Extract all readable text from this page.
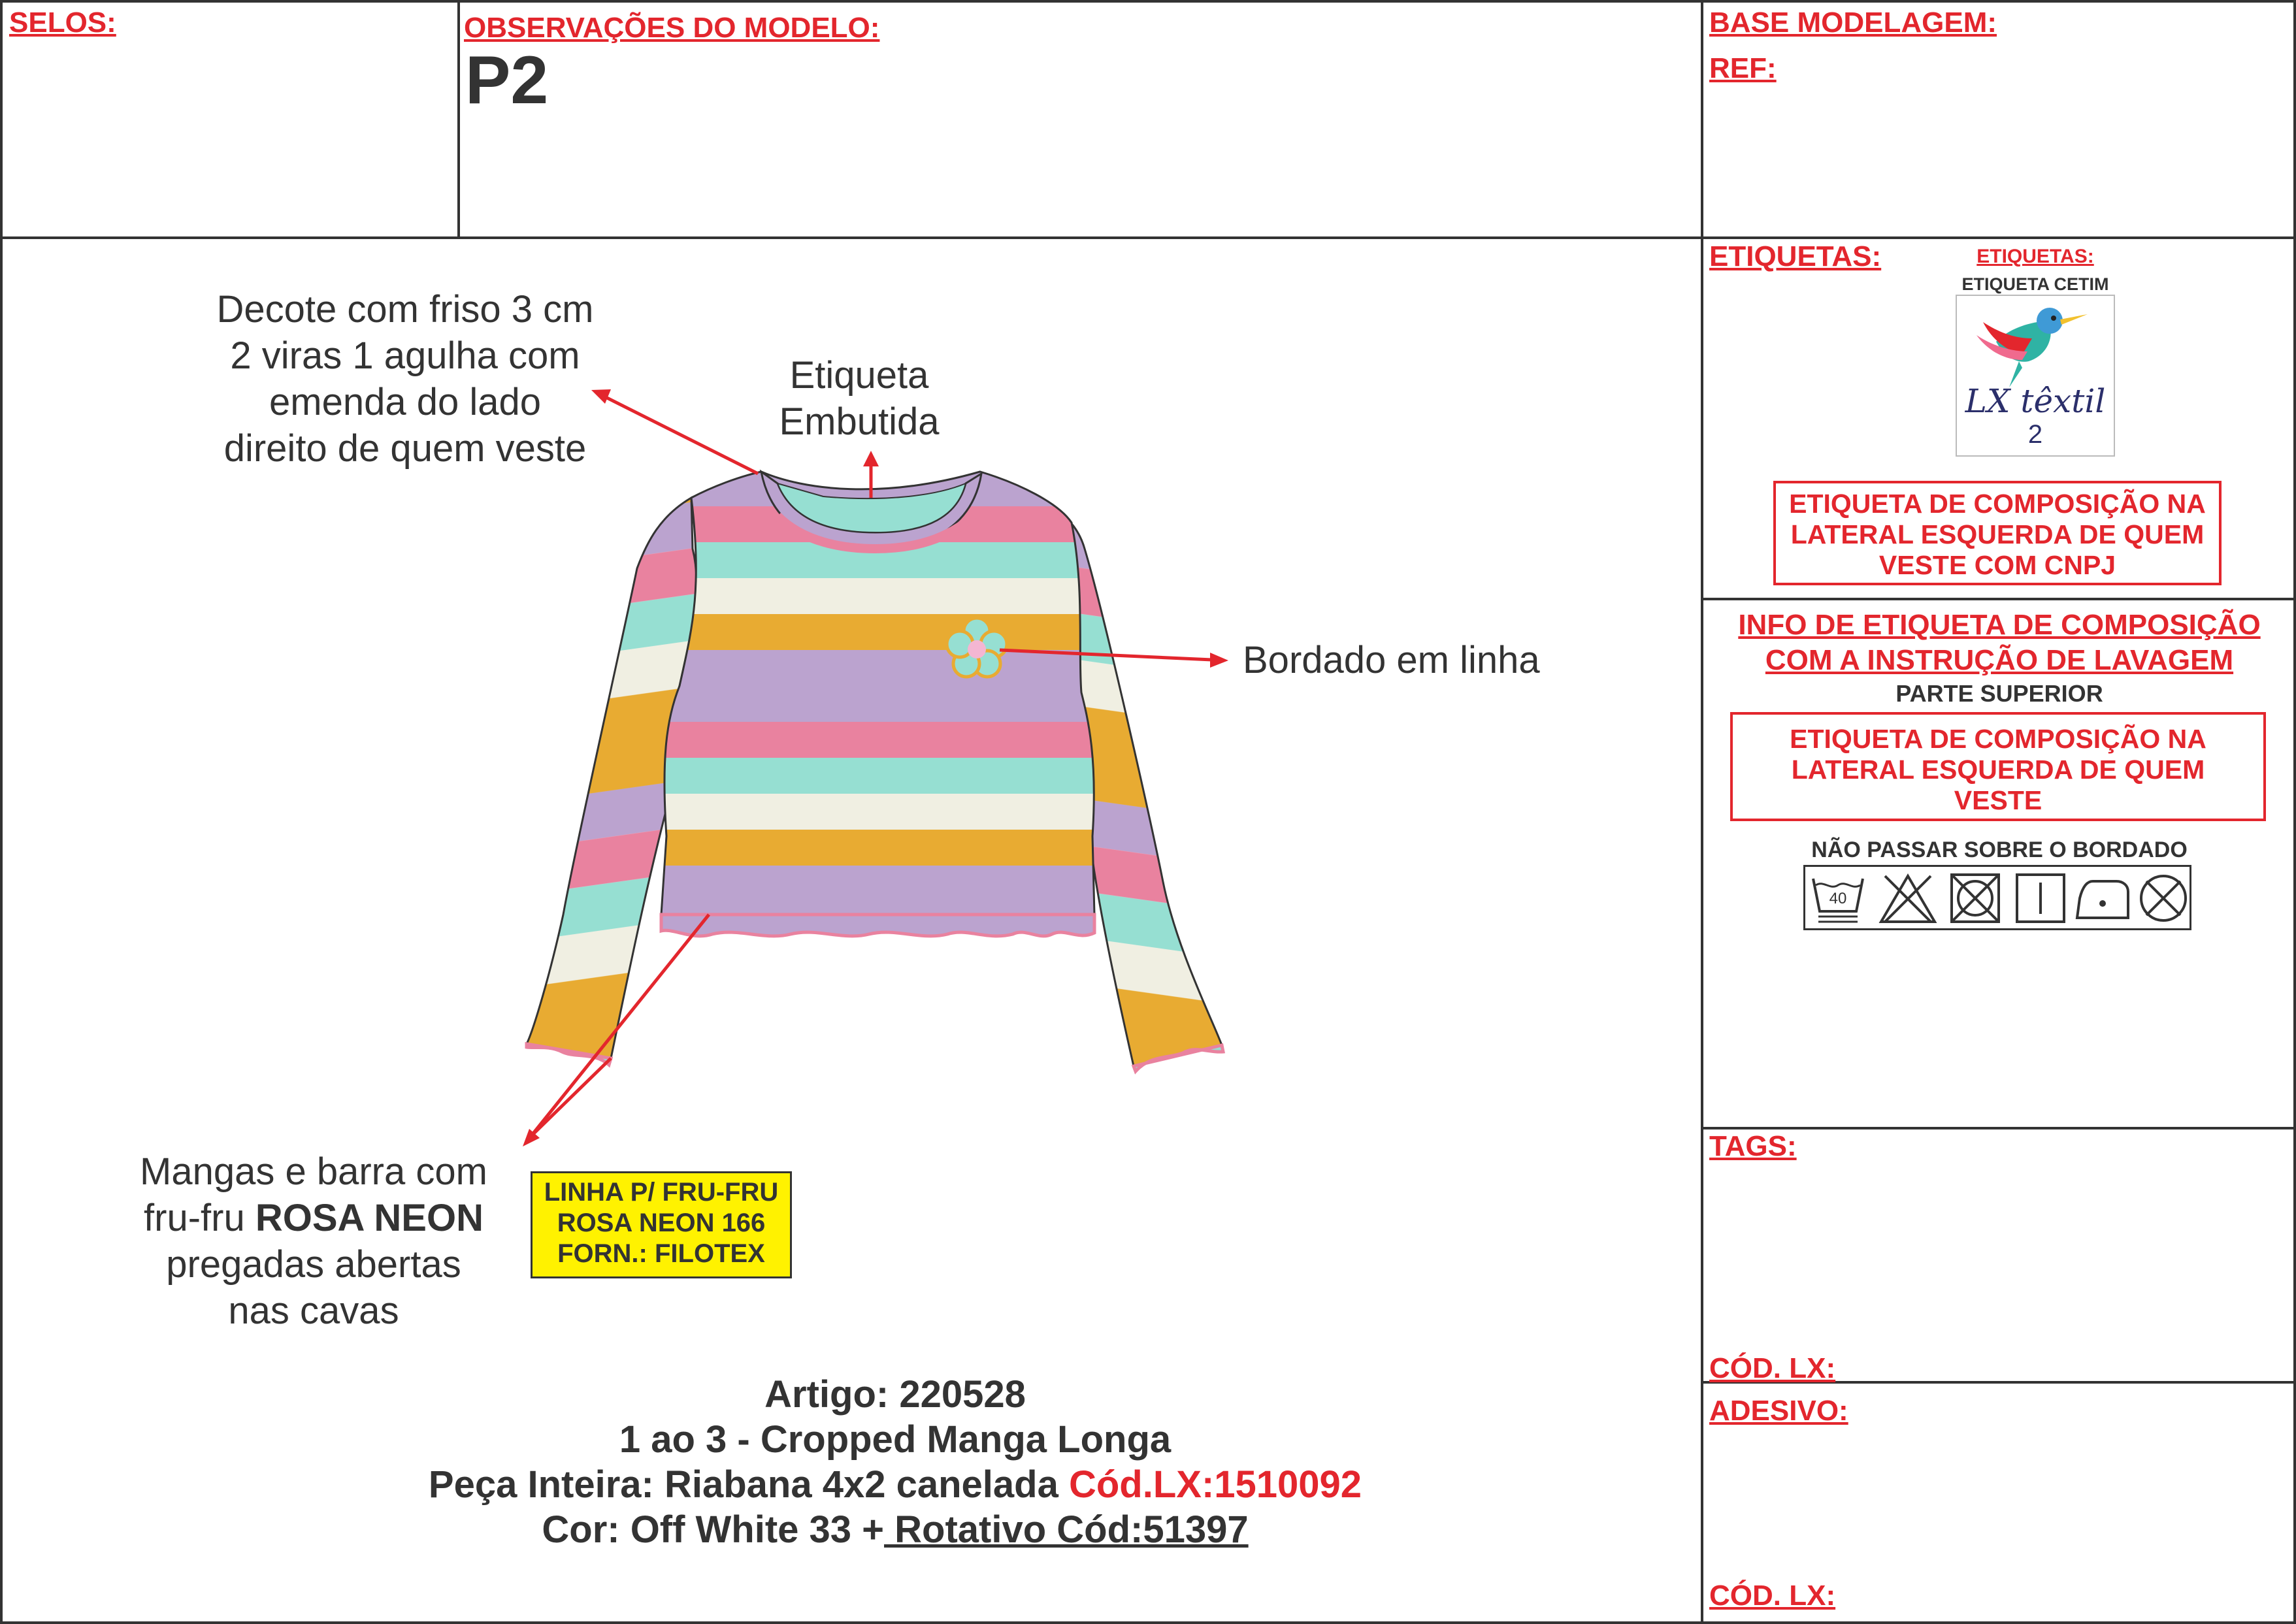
SELOS:	OBSERVAÇÕES DO MODELO:
P2
BASE MODELAGEM:
REF:
Decote com friso 3 cm
2 viras 1 agulha com
emenda do lado
direito de quem veste
Etiqueta
Embutida
Bordado em linha
Mangas e barra com
fru-fru ROSA NEON
pregadas abertas
nas cavas
LINHA P/ FRU-FRU
ROSA NEON 166
FORN.: FILOTEX
Artigo: 220528
1 ao 3 - Cropped Manga Longa
Peça Inteira: Riabana 4x2 canelada Cód.LX:1510092
Cor: Off White 33 + Rotativo Cód:51397
ETIQUETAS:	ETIQUETAS:
ETIQUETA CETIM
LX têxtil
2
ETIQUETA DE COMPOSIÇÃO NA
LATERAL ESQUERDA DE QUEM
VESTE COM CNPJ
INFO DE ETIQUETA DE COMPOSIÇÃO
COM A INSTRUÇÃO DE LAVAGEM
PARTE SUPERIOR
ETIQUETA DE COMPOSIÇÃO NA
LATERAL ESQUERDA DE QUEM
VESTE
NÃO PASSAR SOBRE O BORDADO
40
TAGS:
CÓD. LX:
ADESIVO:
CÓD. LX:
